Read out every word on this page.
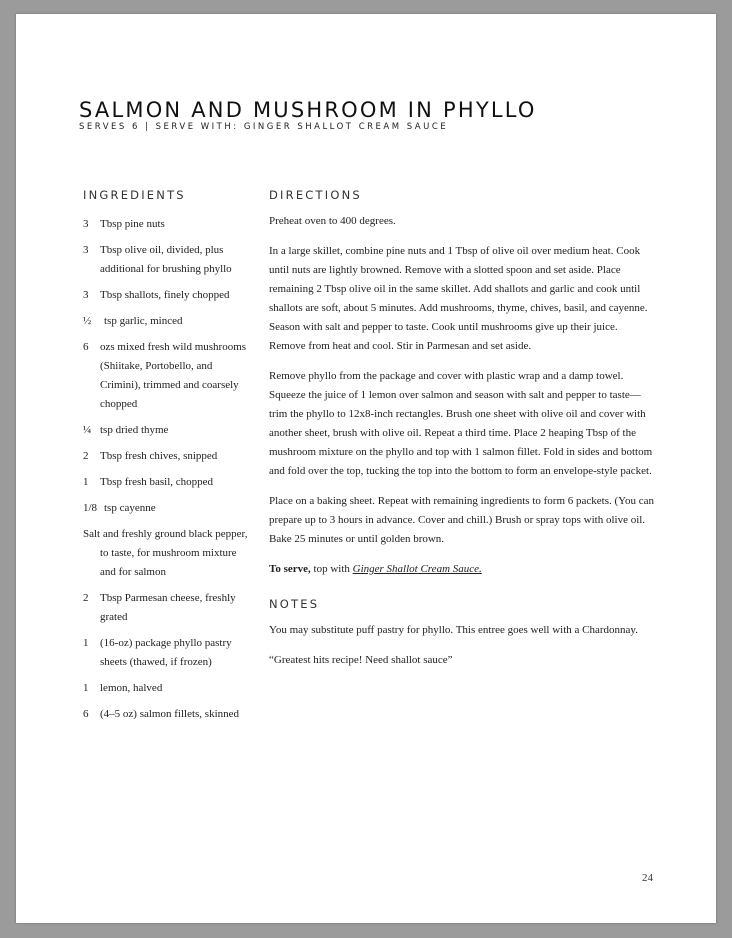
SALMON AND MUSHROOM IN PHYLLO
SERVES 6 | SERVE WITH: GINGER SHALLOT CREAM SAUCE
INGREDIENTS
3 Tbsp pine nuts
3 Tbsp olive oil, divided, plus additional for brushing phyllo
3 Tbsp shallots, finely chopped
½ tsp garlic, minced
6 ozs mixed fresh wild mushrooms (Shiitake, Portobello, and Crimini), trimmed and coarsely chopped
¼ tsp dried thyme
2 Tbsp fresh chives, snipped
1 Tbsp fresh basil, chopped
1/8 tsp cayenne
Salt and freshly ground black pepper, to taste, for mushroom mixture and for salmon
2 Tbsp Parmesan cheese, freshly grated
1 (16-oz) package phyllo pastry sheets (thawed, if frozen)
1 lemon, halved
6 (4–5 oz) salmon fillets, skinned
DIRECTIONS

Preheat oven to 400 degrees.

In a large skillet, combine pine nuts and 1 Tbsp of olive oil over medium heat. Cook until nuts are lightly browned. Remove with a slotted spoon and set aside. Place remaining 2 Tbsp olive oil in the same skillet. Add shallots and garlic and cook until shallots are soft, about 5 minutes. Add mushrooms, thyme, chives, basil, and cayenne. Season with salt and pepper to taste. Cook until mushrooms give up their juice. Remove from heat and cool. Stir in Parmesan and set aside.

Remove phyllo from the package and cover with plastic wrap and a damp towel. Squeeze the juice of 1 lemon over salmon and season with salt and pepper to taste—trim the phyllo to 12x8-inch rectangles. Brush one sheet with olive oil and cover with another sheet, brush with olive oil. Repeat a third time. Place 2 heaping Tbsp of the mushroom mixture on the phyllo and top with 1 salmon fillet. Fold in sides and bottom and fold over the top, tucking the top into the bottom to form an envelope-style packet.

Place on a baking sheet. Repeat with remaining ingredients to form 6 packets. (You can prepare up to 3 hours in advance. Cover and chill.) Brush or spray tops with olive oil. Bake 25 minutes or until golden brown.

To serve, top with Ginger Shallot Cream Sauce.

NOTES

You may substitute puff pastry for phyllo. This entree goes well with a Chardonnay.

“Greatest hits recipe! Need shallot sauce”

24
